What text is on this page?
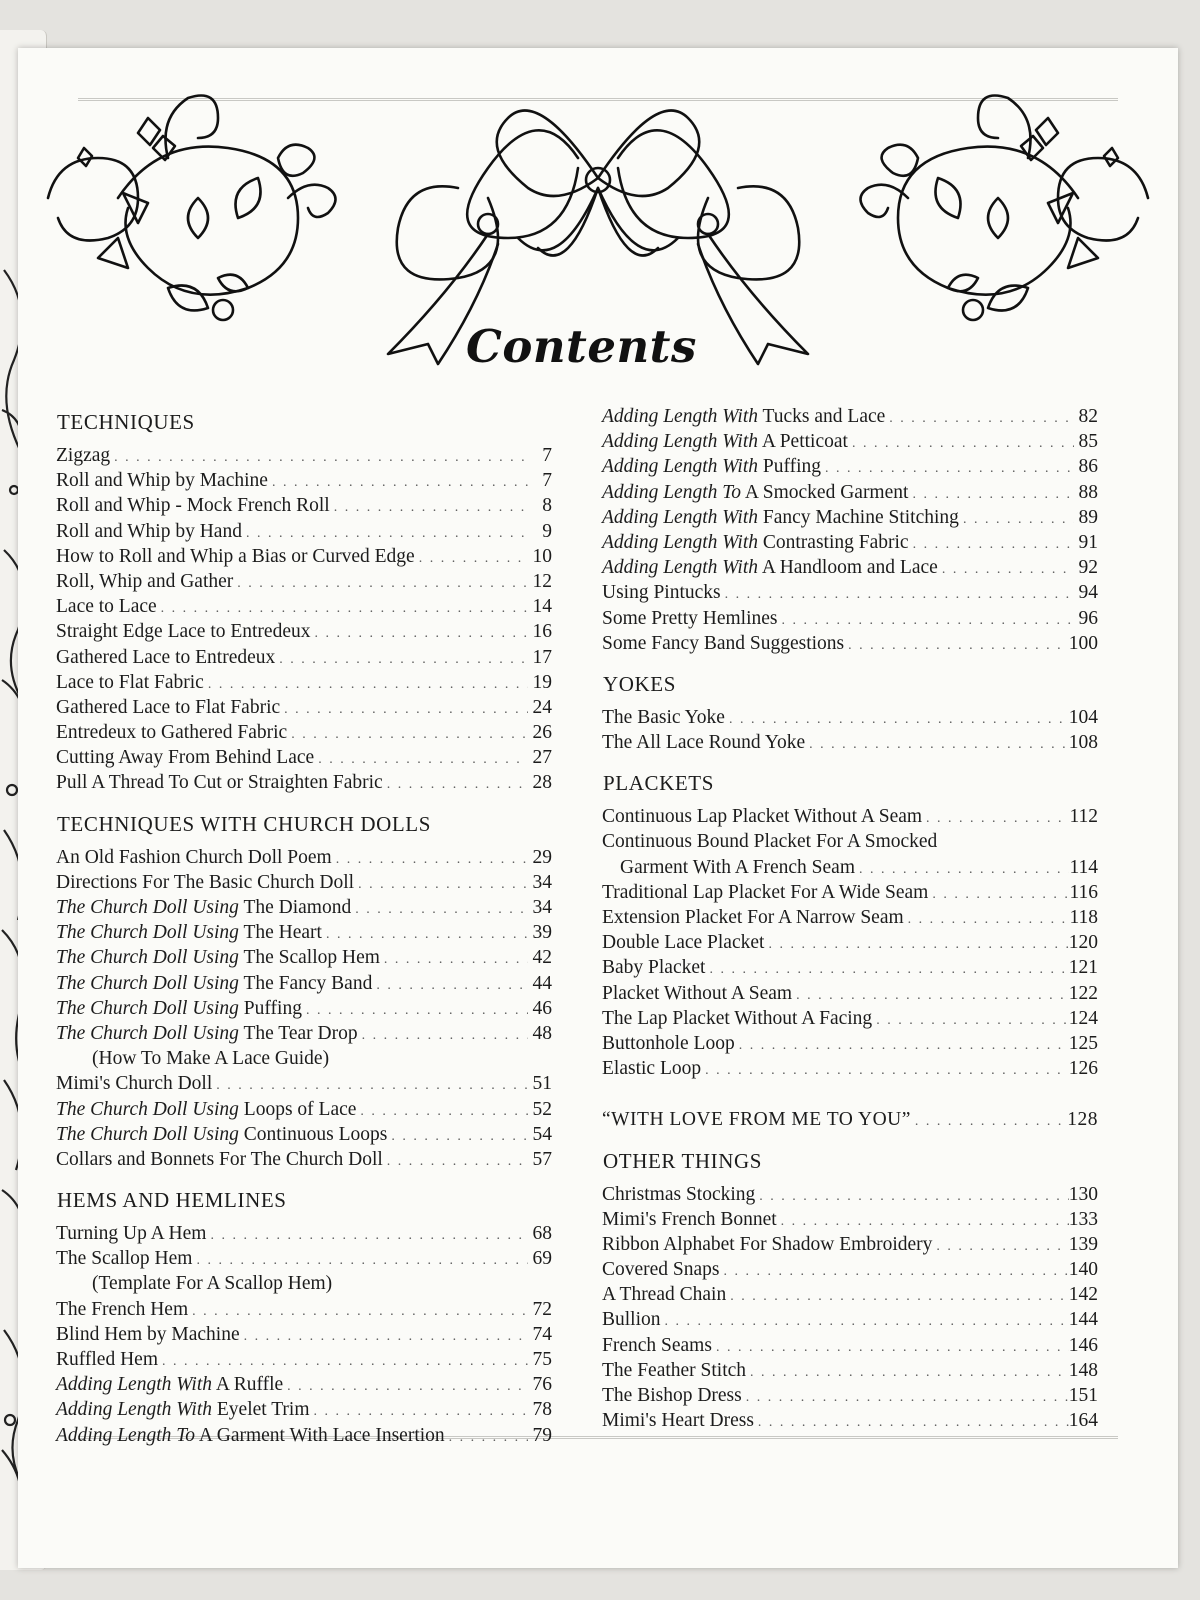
Contents
TECHNIQUES
Zigzag . . .	7
Roll and Whip by Machine . . .	7
Roll and Whip - Mock French Roll . . .	8
Roll and Whip by Hand . . .	9
How to Roll and Whip a Bias or Curved Edge . . .	10
Roll, Whip and Gather . . .	12
Lace to Lace . . .	14
Straight Edge Lace to Entredeux . . .	16
Gathered Lace to Entredeux . . .	17
Lace to Flat Fabric . . .	19
Gathered Lace to Flat Fabric . . .	24
Entredeux to Gathered Fabric . . .	26
Cutting Away From Behind Lace . . .	27
Pull A Thread To Cut or Straighten Fabric . . .	28
TECHNIQUES WITH CHURCH DOLLS
An Old Fashion Church Doll Poem . . .	29
Directions For The Basic Church Doll . . .	34
The Church Doll Using The Diamond . . .	34
The Church Doll Using The Heart . . .	39
The Church Doll Using The Scallop Hem . . .	42
The Church Doll Using The Fancy Band . . .	44
The Church Doll Using Puffing . . .	46
The Church Doll Using The Tear Drop . . .	48
(How To Make A Lace Guide)
Mimi's Church Doll . . .	51
The Church Doll Using Loops of Lace . . .	52
The Church Doll Using Continuous Loops . . .	54
Collars and Bonnets For The Church Doll . . .	57
HEMS AND HEMLINES
Turning Up A Hem . . .	68
The Scallop Hem . . .	69
(Template For A Scallop Hem)
The French Hem . . .	72
Blind Hem by Machine . . .	74
Ruffled Hem . . .	75
Adding Length With A Ruffle . . .	76
Adding Length With Eyelet Trim . . .	78
Adding Length To A Garment With Lace Insertion . . .	79
Adding Length With Tucks and Lace . . .	82
Adding Length With A Petticoat . . .	85
Adding Length With Puffing . . .	86
Adding Length To A Smocked Garment . . .	88
Adding Length With Fancy Machine Stitching . . .	89
Adding Length With Contrasting Fabric . . .	91
Adding Length With A Handloom and Lace . . .	92
Using Pintucks . . .	94
Some Pretty Hemlines . . .	96
Some Fancy Band Suggestions . . .	100
YOKES
The Basic Yoke . . .	104
The All Lace Round Yoke . . .	108
PLACKETS
Continuous Lap Placket Without A Seam . . .	112
Continuous Bound Placket For A Smocked
Garment With A French Seam . . .	114
Traditional Lap Placket For A Wide Seam . . .	116
Extension Placket For A Narrow Seam . . .	118
Double Lace Placket . . .	120
Baby Placket . . .	121
Placket Without A Seam . . .	122
The Lap Placket Without A Facing . . .	124
Buttonhole Loop . . .	125
Elastic Loop . . .	126
“WITH LOVE FROM ME TO YOU” . . .	128
OTHER THINGS
Christmas Stocking . . .	130
Mimi's French Bonnet . . .	133
Ribbon Alphabet For Shadow Embroidery . . .	139
Covered Snaps . . .	140
A Thread Chain . . .	142
Bullion . . .	144
French Seams . . .	146
The Feather Stitch . . .	148
The Bishop Dress . . .	151
Mimi's Heart Dress . . .	164
